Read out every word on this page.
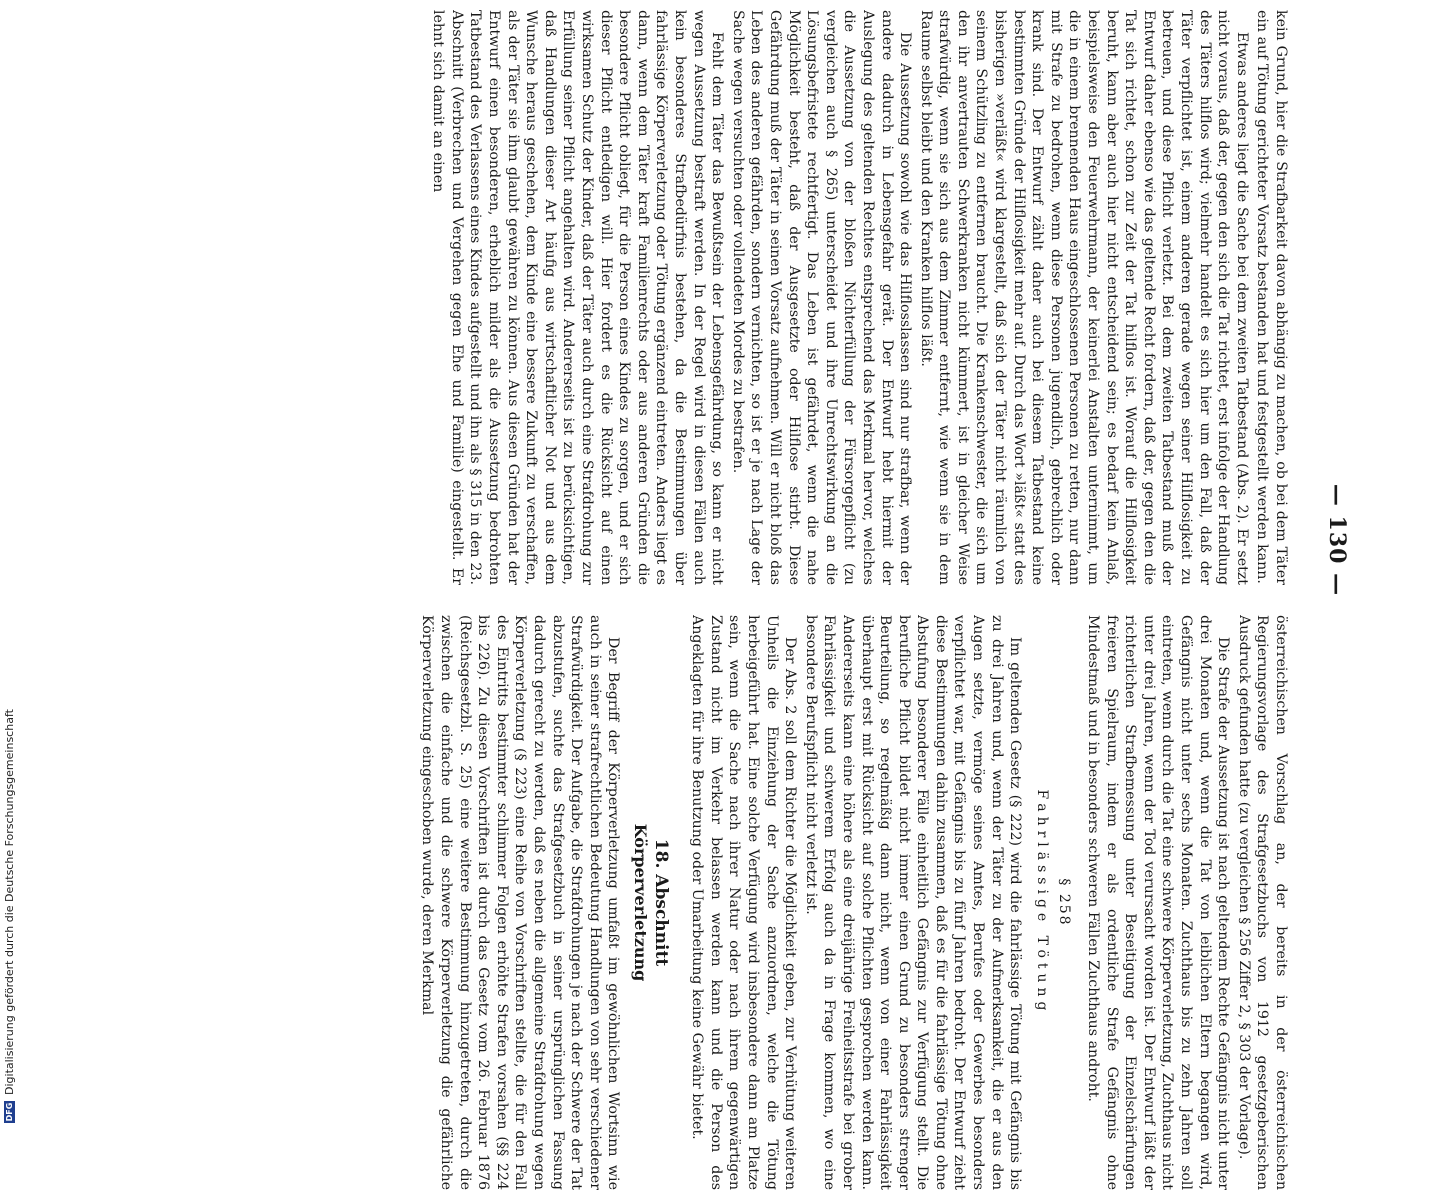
— 130 —

kein Grund, hier die Strafbarkeit davon abhängig zu machen, ob bei dem Täter ein auf Tötung gerichteter Vorsatz bestanden hat und festgestellt werden kann.

Etwas anderes liegt die Sache bei dem zweiten Tatbestand (Abs. 2). Er setzt nicht voraus, daß der, gegen den sich die Tat richtet, erst infolge der Handlung des Täters hilflos wird; vielmehr handelt es sich hier um den Fall, daß der Täter verpflichtet ist, einem anderen gerade wegen seiner Hilflosigkeit zu betreuen, und diese Pflicht verletzt. Bei dem zweiten Tatbestand muß der Entwurf daher ebenso wie das geltende Recht fordern, daß der, gegen den die Tat sich richtet, schon zur Zeit der Tat hilflos ist. Worauf die Hilflosigkeit beruht, kann aber auch hier nicht entscheidend sein; es bedarf kein Anlaß, beispielsweise den Feuerwehrmann, der keinerlei Anstalten unternimmt, um die in einem brennenden Haus eingeschlossenen Personen zu retten, nur dann mit Strafe zu bedrohen, wenn diese Personen jugendlich, gebrechlich oder krank sind. Der Entwurf zählt daher auch bei diesem Tatbestand keine bestimmten Gründe der Hilflosigkeit mehr auf. Durch das Wort »läßt« statt des bisherigen »verläßt« wird klargestellt, daß sich der Täter nicht räumlich von seinem Schützling zu entfernen braucht. Die Krankenschwester, die sich um den ihr anvertrauten Schwerkranken nicht kümmert, ist in gleicher Weise strafwürdig, wenn sie sich aus dem Zimmer entfernt, wie wenn sie in dem Raume selbst bleibt und den Kranken hilflos läßt.

Die Aussetzung sowohl wie das Hilflosslassen sind nur strafbar, wenn der andere dadurch in Lebensgefahr gerät. Der Entwurf hebt hiermit der Auslegung des geltenden Rechtes entsprechend das Merkmal hervor, welches die Aussetzung von der bloßen Nichterfüllung der Fürsorgepflicht (zu vergleichen auch § 265) unterscheidet und ihre Unrechtswirkung an die Lösungsbefristete rechtfertigt. Das Leben ist gefährdet, wenn die nahe Möglichkeit besteht, daß der Ausgesetzte oder Hilflose stirbt. Diese Gefährdung muß der Täter in seinen Vorsatz aufnehmen. Will er nicht bloß das Leben des anderen gefährden, sondern vernichten, so ist er je nach Lage der Sache wegen versuchten oder vollendeten Mordes zu bestrafen.

Fehlt dem Täter das Bewußtsein der Lebensgefährdung, so kann er nicht wegen Aussetzung bestraft werden. In der Regel wird in diesen Fällen auch kein besonderes Strafbedürfnis bestehen, da die Bestimmungen über fahrlässige Körperverletzung oder Tötung ergänzend eintreten. Anders liegt es dann, wenn dem Täter kraft Familienrechts oder aus anderen Gründen die besondere Pflicht obliegt, für die Person eines Kindes zu sorgen, und er sich dieser Pflicht entledigen will. Hier fordert es die Rücksicht auf einen wirksamen Schutz der Kinder, daß der Täter auch durch eine Strafdrohung zur Erfüllung seiner Pflicht angehalten wird. Andererseits ist zu berücksichtigen, daß Handlungen dieser Art häufig aus wirtschaftlicher Not und aus dem Wunsche heraus geschehen, dem Kinde eine bessere Zukunft zu verschaffen, als der Täter sie ihm glaubt gewähren zu können. Aus diesen Gründen hat der Entwurf einen besonderen, erheblich milder als die Aussetzung bedrohten Tatbestand des Verlassens eines Kindes aufgestellt und ihn als § 315 in den 23. Abschnitt (Verbrechen und Vergehen gegen Ehe und Familie) eingestellt. Er lehnt sich damit an einen

österreichischen Vorschlag an, der bereits in der österreichischen Regierungsvorlage des Strafgesetzbuchs von 1912 gesetzgeberischen Ausdruck gefunden hatte (zu vergleichen § 256 Ziffer 2, § 303 der Vorlage).

Die Strafe der Aussetzung ist nach geltendem Rechte Gefängnis nicht unter drei Monaten und, wenn die Tat von leiblichen Eltern begangen wird, Gefängnis nicht unter sechs Monaten. Zuchthaus bis zu zehn Jahren soll eintreten, wenn durch die Tat eine schwere Körperverletzung, Zuchthaus nicht unter drei Jahren, wenn der Tod verursacht worden ist. Der Entwurf läßt der richterlichen Strafbemessung unter Beseitigung der Einzelschärfungen freieren Spielraum, indem er als ordentliche Strafe Gefängnis ohne Mindestmaß und in besonders schweren Fällen Zuchthaus androht.

§ 258
Fahrlässige Tötung

Im geltenden Gesetz (§ 222) wird die fahrlässige Tötung mit Gefängnis bis zu drei Jahren und, wenn der Täter zu der Aufmerksamkeit, die er aus den Augen setzte, vermöge seines Amtes, Berufes oder Gewerbes besonders verpflichtet war, mit Gefängnis bis zu fünf Jahren bedroht. Der Entwurf zieht diese Bestimmungen dahin zusammen, daß es für die fahrlässige Tötung ohne Abstufung besonderer Fälle einheitlich Gefängnis zur Verfügung stellt. Die berufliche Pflicht bildet nicht immer einen Grund zu besonders strenger Beurteilung, so regelmäßig dann nicht, wenn von einer Fahrlässigkeit überhaupt erst mit Rücksicht auf solche Pflichten gesprochen werden kann. Andererseits kann eine höhere als eine dreijährige Freiheitsstrafe bei grober Fahrlässigkeit und schwerem Erfolg auch da in Frage kommen, wo eine besondere Berufspflicht nicht verletzt ist.

Der Abs. 2 soll dem Richter die Möglichkeit geben, zur Verhütung weiteren Unheils die Einziehung der Sache anzuordnen, welche die Tötung herbeigeführt hat. Eine solche Verfügung wird insbesondere dann am Platze sein, wenn die Sache nach ihrer Natur oder nach ihrem gegenwärtigen Zustand nicht im Verkehr belassen werden kann und die Person des Angeklagten für ihre Benutzung oder Umarbeitung keine Gewähr bietet.

18. Abschnitt
Körperverletzung

Der Begriff der Körperverletzung umfaßt im gewöhnlichen Wortsinn wie auch in seiner strafrechtlichen Bedeutung Handlungen von sehr verschiedener Strafwürdigkeit. Der Aufgabe, die Strafdrohungen je nach der Schwere der Tat abzustufen, suchte das Strafgesetzbuch in seiner ursprünglichen Fassung dadurch gerecht zu werden, daß es neben die allgemeine Strafdrohung wegen Körperverletzung (§ 223) eine Reihe von Vorschriften stellte, die für den Fall des Eintritts bestimmter schlimmer Folgen erhöhte Strafen vorsahen (§§ 224 bis 226). Zu diesen Vorschriften ist durch das Gesetz vom 26. Februar 1876 (Reichsgesetzbl. S. 25) eine weitere Bestimmung hinzugetreten, durch die zwischen die einfache und die schwere Körperverletzung die gefährliche Körperverletzung eingeschoben wurde, deren Merkmal

DFG
Digitalisierung gefördert durch die Deutsche Forschungsgemeinschaft
